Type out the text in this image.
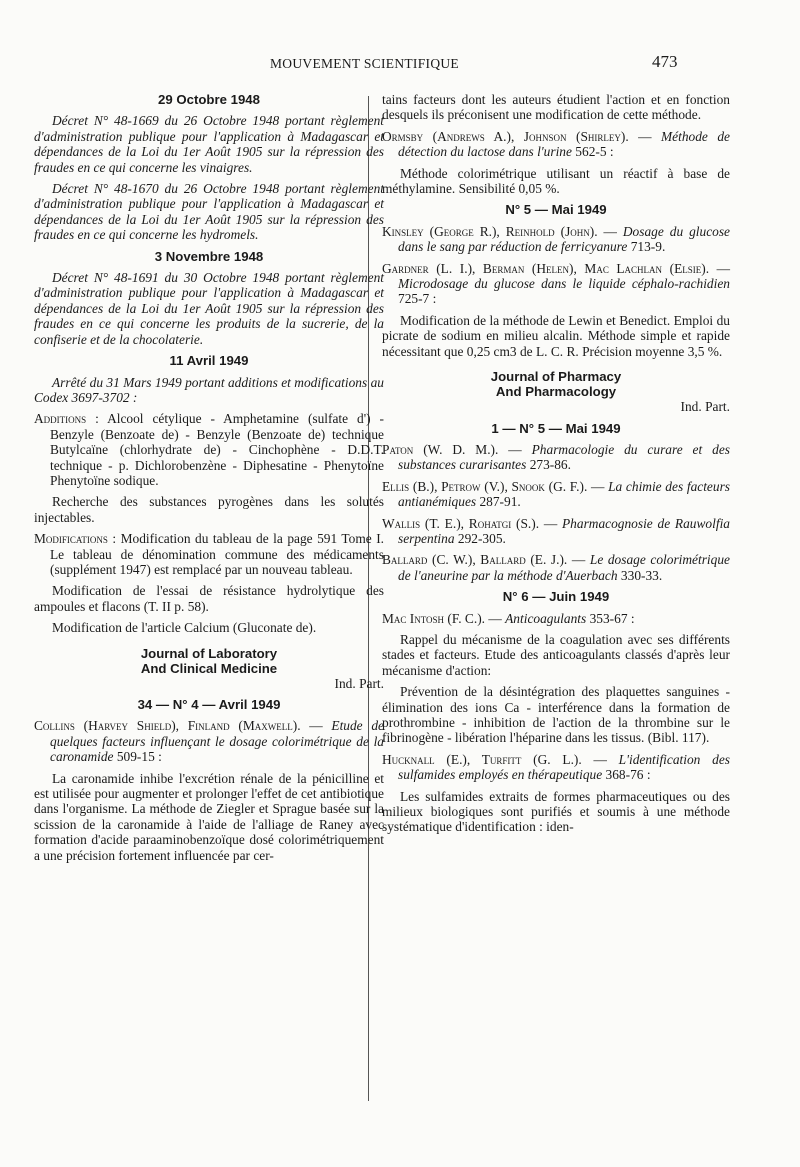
MOUVEMENT SCIENTIFIQUE	473
29 Octobre 1948

Décret N° 48-1669 du 26 Octobre 1948 portant règlement d'administration publique pour l'application à Madagascar et dépendances de la Loi du 1er Août 1905 sur la répression des fraudes en ce qui concerne les vinaigres.

Décret N° 48-1670 du 26 Octobre 1948 portant règlement d'administration publique pour l'application à Madagascar et dépendances de la Loi du 1er Août 1905 sur la répression des fraudes en ce qui concerne les hydromels.

3 Novembre 1948

Décret N° 48-1691 du 30 Octobre 1948 portant règlement d'administration publique pour l'application à Madagascar et dépendances de la Loi du 1er Août 1905 sur la répression des fraudes en ce qui concerne les produits de la sucrerie, de la confiserie et de la chocolaterie.

11 Avril 1949

Arrêté du 31 Mars 1949 portant additions et modifications au Codex 3697-3702 :

Additions : Alcool cétylique - Amphetamine (sulfate d') - Benzyle (Benzoate de) - Benzyle (Benzoate de) technique Butylcaïne (chlorhydrate de) - Cinchophène - D.D.T. technique - p. Dichlorobenzène - Diphesatine - Phenytoïne Phenytoïne sodique.

Recherche des substances pyrogènes dans les solutés injectables.

Modifications : Modification du tableau de la page 591 Tome I. Le tableau de dénomination commune des médicaments (supplément 1947) est remplacé par un nouveau tableau.

Modification de l'essai de résistance hydrolytique des ampoules et flacons (T. II p. 58).

Modification de l'article Calcium (Gluconate de).

Journal of Laboratory
And Clinical Medicine
Ind. Part.
34 — N° 4 — Avril 1949

Collins (Harvey Shield), Finland (Maxwell). — Etude de quelques facteurs influençant le dosage colorimétrique de la caronamide 509-15 :

La caronamide inhibe l'excrétion rénale de la pénicilline et est utilisée pour augmenter et prolonger l'effet de cet antibiotique dans l'organisme. La méthode de Ziegler et Sprague basée sur la scission de la caronamide à l'aide de l'alliage de Raney avec formation d'acide paraaminobenzoïque dosé colorimétriquement a une précision fortement influencée par cer-

tains facteurs dont les auteurs étudient l'action et en fonction desquels ils préconisent une modification de cette méthode.

Ormsby (Andrews A.), Johnson (Shirley). — Méthode de détection du lactose dans l'urine 562-5 :

Méthode colorimétrique utilisant un réactif à base de méthylamine. Sensibilité 0,05 %.

N° 5 — Mai 1949

Kinsley (George R.), Reinhold (John). — Dosage du glucose dans le sang par réduction de ferricyanure 713-9.

Gardner (L. I.), Berman (Helen), Mac Lachlan (Elsie). — Microdosage du glucose dans le liquide céphalo-rachidien 725-7 :

Modification de la méthode de Lewin et Benedict. Emploi du picrate de sodium en milieu alcalin. Méthode simple et rapide nécessitant que 0,25 cm3 de L. C. R. Précision moyenne 3,5 %.

Journal of Pharmacy
And Pharmacology
Ind. Part.
1 — N° 5 — Mai 1949

Paton (W. D. M.). — Pharmacologie du curare et des substances curarisantes 273-86.

Ellis (B.), Petrow (V.), Snook (G. F.). — La chimie des facteurs antianémiques 287-91.

Wallis (T. E.), Rohatgi (S.). — Pharmacognosie de Rauwolfia serpentina 292-305.

Ballard (C. W.), Ballard (E. J.). — Le dosage colorimétrique de l'aneurine par la méthode d'Auerbach 330-33.

N° 6 — Juin 1949

Mac Intosh (F. C.). — Anticoagulants 353-67 :

Rappel du mécanisme de la coagulation avec ses différents stades et facteurs. Etude des anticoagulants classés d'après leur mécanisme d'action:

Prévention de la désintégration des plaquettes sanguines - élimination des ions Ca - interférence dans la formation de prothrombine - inhibition de l'action de la thrombine sur le fibrinogène - libération l'héparine dans les tissus. (Bibl. 117).

Hucknall (E.), Turfitt (G. L.). — L'identification des sulfamides employés en thérapeutique 368-76 :

Les sulfamides extraits de formes pharmaceutiques ou des milieux biologiques sont purifiés et soumis à une méthode systématique d'identification : iden-
